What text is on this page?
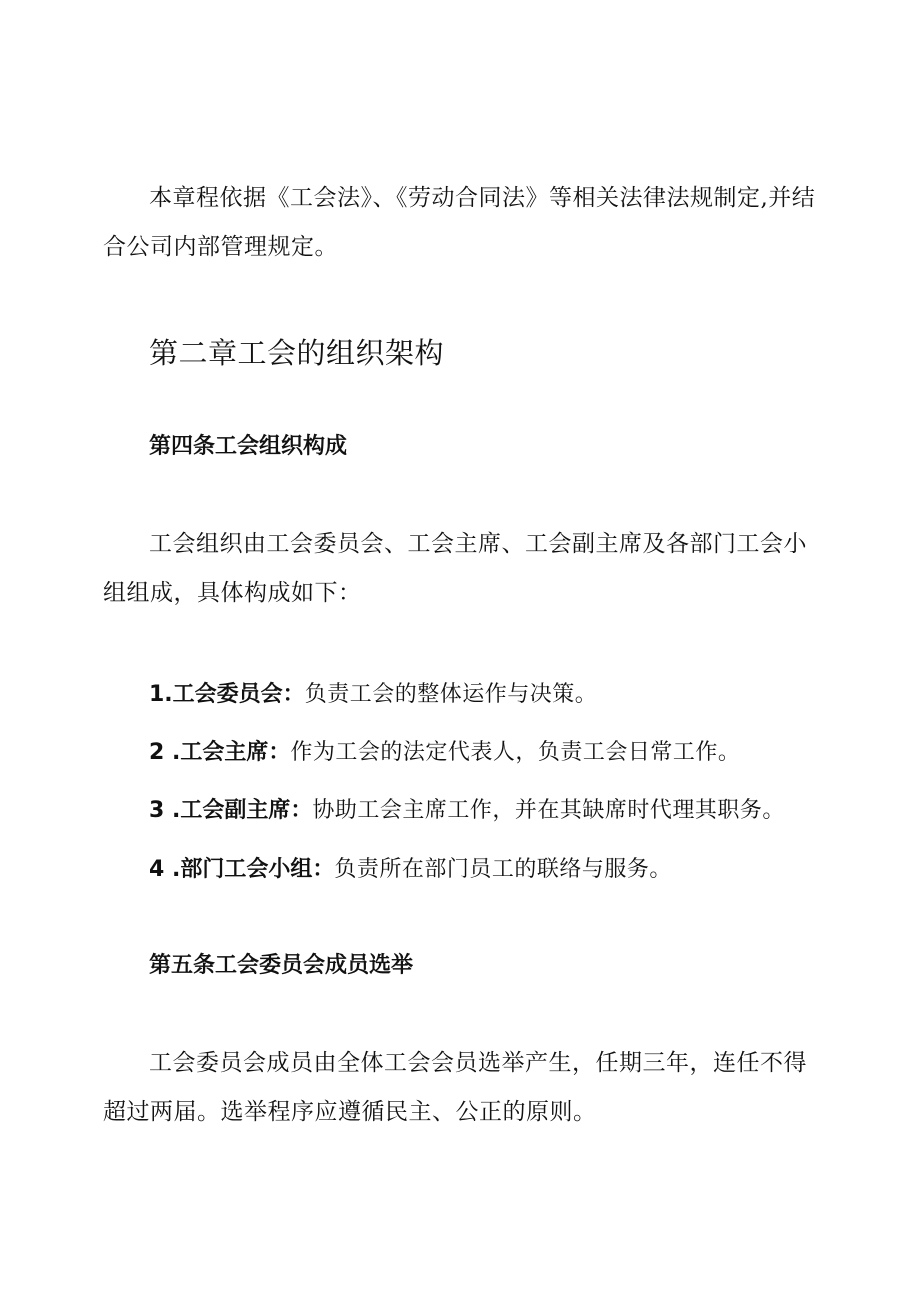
本章程依据《工会法》、《劳动合同法》等相关法律法规制定,并结合公司内部管理规定。

第二章工会的组织架构
第四条工会组织构成

工会组织由工会委员会、工会主席、工会副主席及各部门工会小组组成，具体构成如下：

1.工会委员会：负责工会的整体运作与决策。
2 .工会主席：作为工会的法定代表人，负责工会日常工作。
3 .工会副主席：协助工会主席工作，并在其缺席时代理其职务。
4 .部门工会小组：负责所在部门员工的联络与服务。
第五条工会委员会成员选举

工会委员会成员由全体工会会员选举产生，任期三年，连任不得超过两届。选举程序应遵循民主、公正的原则。
